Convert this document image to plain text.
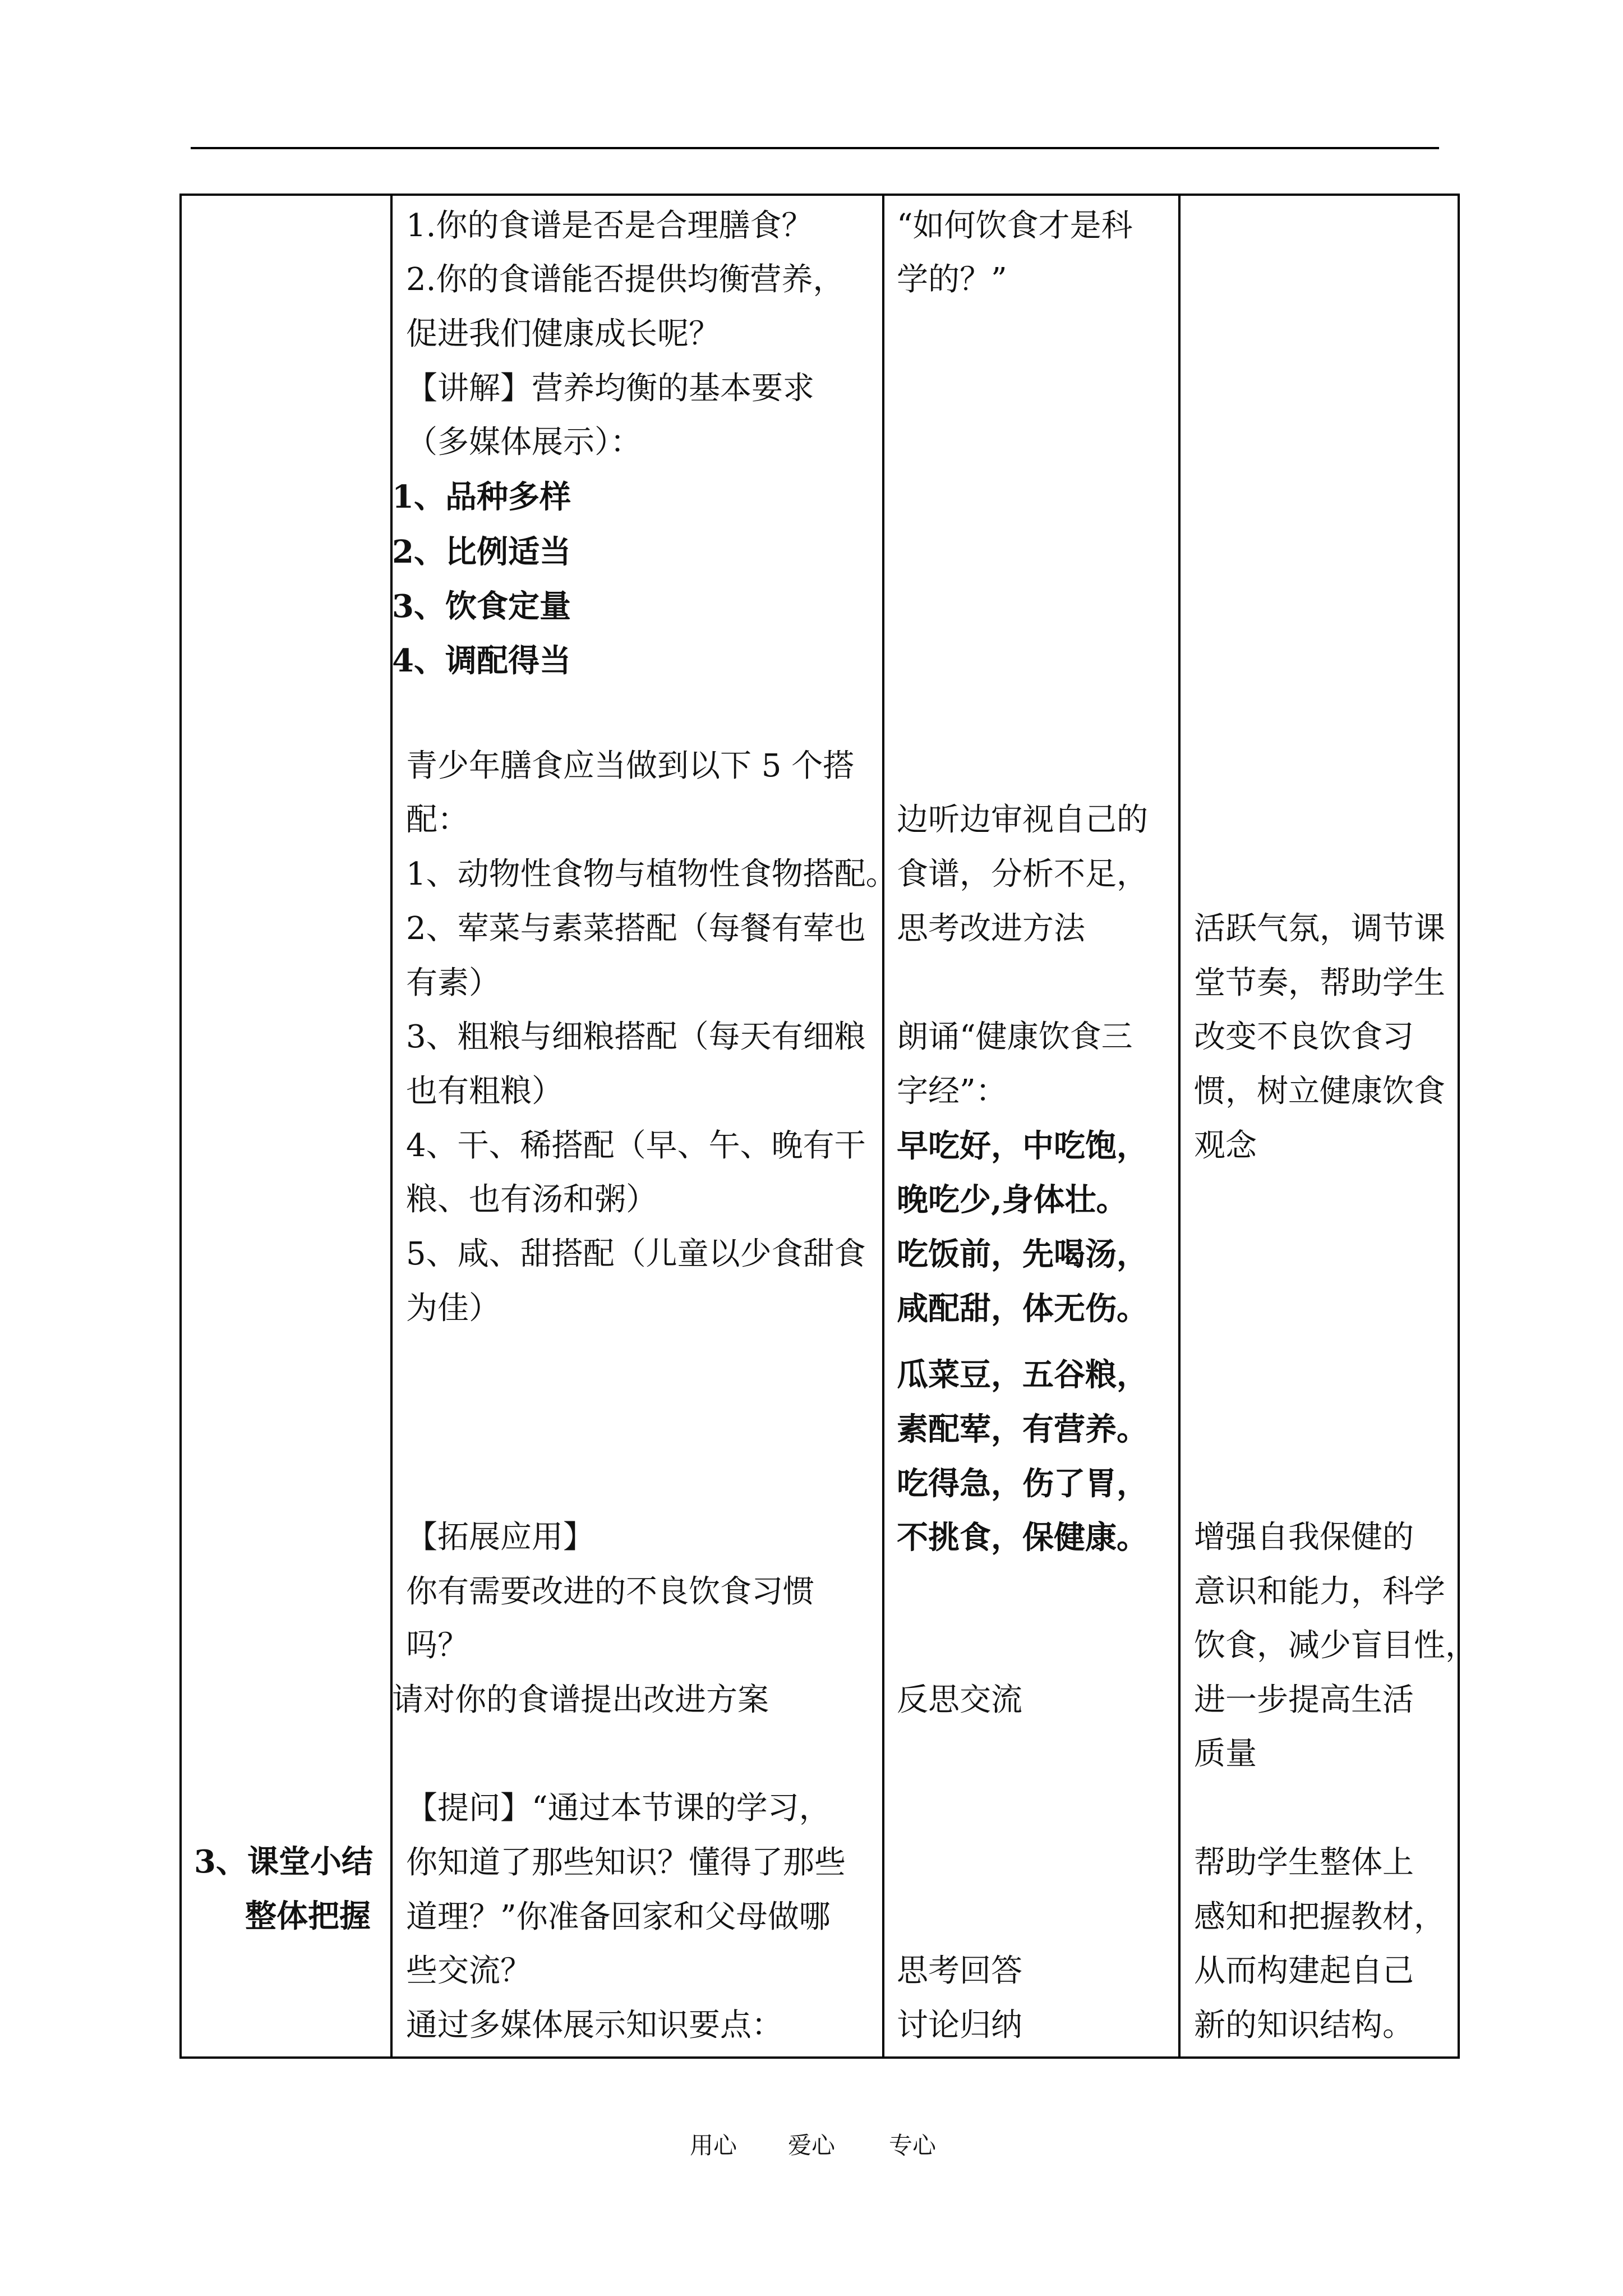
3、课堂小结
整体把握
1.你的食谱是否是合理膳食？
2.你的食谱能否提供均衡营养，
促进我们健康成长呢？
【讲解】营养均衡的基本要求
（多媒体展示）：
1、品种多样
2、比例适当
3、饮食定量
4、调配得当
青少年膳食应当做到以下 5 个搭
配：
1、动物性食物与植物性食物搭配。
2、荤菜与素菜搭配（每餐有荤也
有素）
3、粗粮与细粮搭配（每天有细粮
也有粗粮）
4、干、稀搭配（早、午、晚有干
粮、也有汤和粥）
5、咸、甜搭配（儿童以少食甜食
为佳）
【拓展应用】
你有需要改进的不良饮食习惯
吗？
请对你的食谱提出改进方案
【提问】“通过本节课的学习，
你知道了那些知识？懂得了那些
道理？”你准备回家和父母做哪
些交流？
通过多媒体展示知识要点：
“如何饮食才是科
学的？”
边听边审视自己的
食谱，分析不足，
思考改进方法
朗诵“健康饮食三
字经”：
早吃好，中吃饱，
晚吃少,身体壮。
吃饭前，先喝汤，
咸配甜，体无伤。
瓜菜豆，五谷粮，
素配荤，有营养。
吃得急，伤了胃，
不挑食，保健康。
反思交流
思考回答
讨论归纳
活跃气氛，调节课
堂节奏，帮助学生
改变不良饮食习
惯，树立健康饮食
观念
增强自我保健的
意识和能力，科学
饮食，减少盲目性，
进一步提高生活
质量
帮助学生整体上
感知和把握教材，
从而构建起自己
新的知识结构。
用心 爱心 专心
